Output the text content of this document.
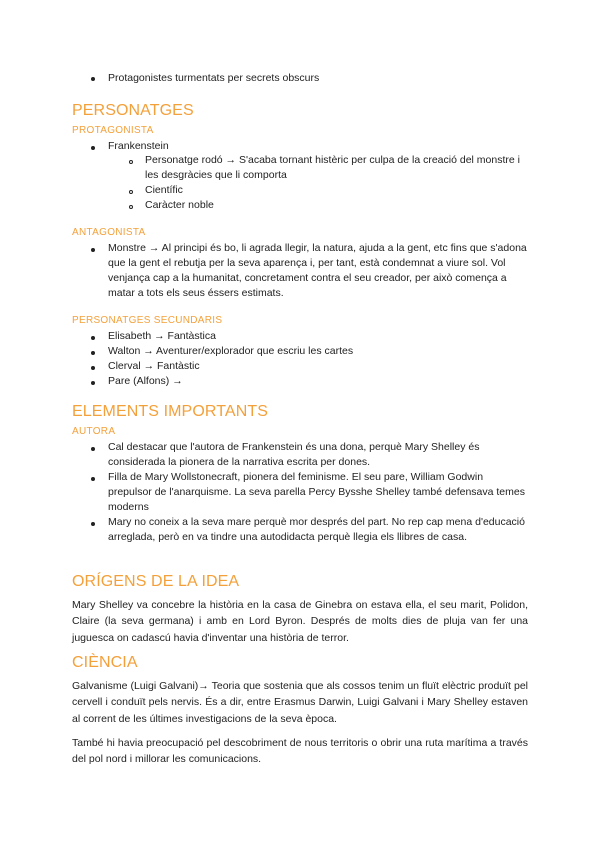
Protagonistes turmentats per secrets obscurs
PERSONATGES
PROTAGONISTA
Frankenstein
Personatge rodó → S'acaba tornant histèric per culpa de la creació del monstre i les desgràcies que li comporta
Científic
Caràcter noble
ANTAGONISTA
Monstre → Al principi és bo, li agrada llegir, la natura, ajuda a la gent, etc fins que s'adona que la gent el rebutja per la seva aparença i, per tant, està condemnat a viure sol. Vol venjança cap a la humanitat, concretament contra el seu creador, per això comença a matar a tots els seus éssers estimats.
PERSONATGES SECUNDARIS
Elisabeth → Fantàstica
Walton → Aventurer/explorador que escriu les cartes
Clerval → Fantàstic
Pare (Alfons) →
ELEMENTS IMPORTANTS
AUTORA
Cal destacar que l'autora de Frankenstein és una dona, perquè Mary Shelley és considerada la pionera de la narrativa escrita per dones.
Filla de Mary Wollstonecraft, pionera del feminisme. El seu pare, William Godwin prepulsor de l'anarquisme. La seva parella Percy Bysshe Shelley també defensava temes moderns
Mary no coneix a la seva mare perquè mor després del part. No rep cap mena d'educació arreglada, però en va tindre una autodidacta perquè llegia els llibres de casa.
ORÍGENS DE LA IDEA
Mary Shelley va concebre la història en la casa de Ginebra on estava ella, el seu marit, Polidon, Claire (la seva germana) i amb en Lord Byron. Després de molts dies de pluja van fer una juguesca on cadascú havia d'inventar una història de terror.
CIÈNCIA
Galvanisme (Luigi Galvani)→ Teoria que sostenia que als cossos tenim un fluït elèctric produït pel cervell i conduït pels nervis. És a dir, entre Erasmus Darwin, Luigi Galvani i Mary Shelley estaven al corrent de les últimes investigacions de la seva època.
També hi havia preocupació pel descobriment de nous territoris o obrir una ruta marítima a través del pol nord i millorar les comunicacions.
